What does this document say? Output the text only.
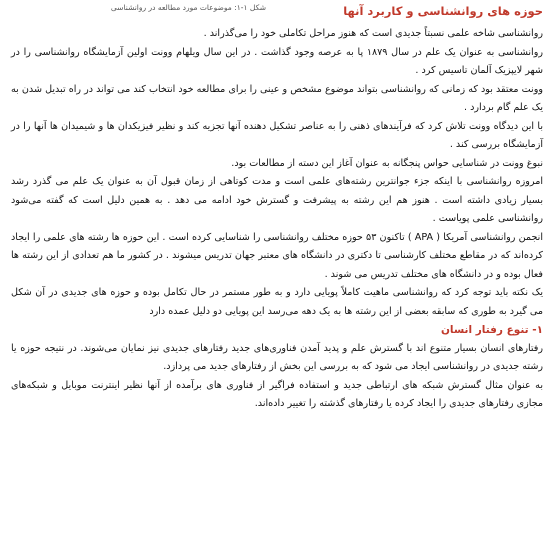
شکل ۱-۱: موضوعات مورد مطالعه در روانشناسی	حوزه های روانشناسی و کاربرد آنها

روانشناسی شاخه علمی نسبتاً جدیدی است که هنوز مراحل تکاملی خود را می‌گذراند .

روانشناسی به عنوان یک علم در سال ۱۸۷۹ پا به عرصه وجود گذاشت . در این سال ویلهام وونت اولین آزمایشگاه روانشناسی را در شهر لایپزیک آلمان تاسیس کرد .

وونت معتقد بود که زمانی که روانشناسی بتواند موضوع مشخص و عینی را برای مطالعه خود انتخاب کند می تواند در راه تبدیل شدن به یک علم گام بردارد .

با این دیدگاه وونت تلاش کرد که فرآیندهای ذهنی را به عناصر تشکیل دهنده آنها تجزیه کند و نظیر فیزیکدان ها و شیمیدان ها آنها را در آزمایشگاه بررسی کند .

نبوغ وونت در شناسایی حواس پنجگانه به عنوان آغاز این دسته از مطالعات بود.

امروزه روانشناسی با اینکه جزء جوانترین رشته‌های علمی است و مدت کوتاهی از زمان قبول آن به عنوان یک علم می گذرد رشد بسیار زیادی داشته است . هنوز هم این رشته به پیشرفت و گسترش خود ادامه می دهد . به همین دلیل است که گفته می‌شود روانشناسی علمی پویاست .

انجمن روانشناسی آمریکا ( APA ) تاکنون ۵۳ حوزه مختلف روانشناسی را شناسایی کرده است . این حوزه ها رشته های علمی را ایجاد کرده‌اند که در مقاطع مختلف کارشناسی تا دکتری در دانشگاه های معتبر جهان تدریس میشوند . در کشور ما هم تعدادی از این رشته ها فعال بوده و در دانشگاه های مختلف تدریس می شوند .

یک نکته باید توجه کرد که روانشناسی ماهیت کاملاً پویایی دارد و به طور مستمر در حال تکامل بوده و حوزه های جدیدی در آن شکل می گیرد به طوری که سابقه بعضی از این رشته ها به یک دهه می‌رسد این پویایی دو دلیل عمده دارد

۱- تنوع رفتار انسان

رفتارهای انسان بسیار متنوع اند با گسترش علم و پدید آمدن فناوری‌های جدید رفتارهای جدیدی نیز نمایان می‌شوند. در نتیجه حوزه یا رشته جدیدی در روانشناسی ایجاد می شود که به بررسی این بخش از رفتارهای جدید می پردازد.

به عنوان مثال گسترش شبکه های ارتباطی جدید و استفاده فراگیر از فناوری های برآمده از آنها نظیر اینترنت موبایل و شبکه‌های مجازی رفتارهای جدیدی را ایجاد کرده یا رفتارهای گذشته را تغییر داده‌اند.
